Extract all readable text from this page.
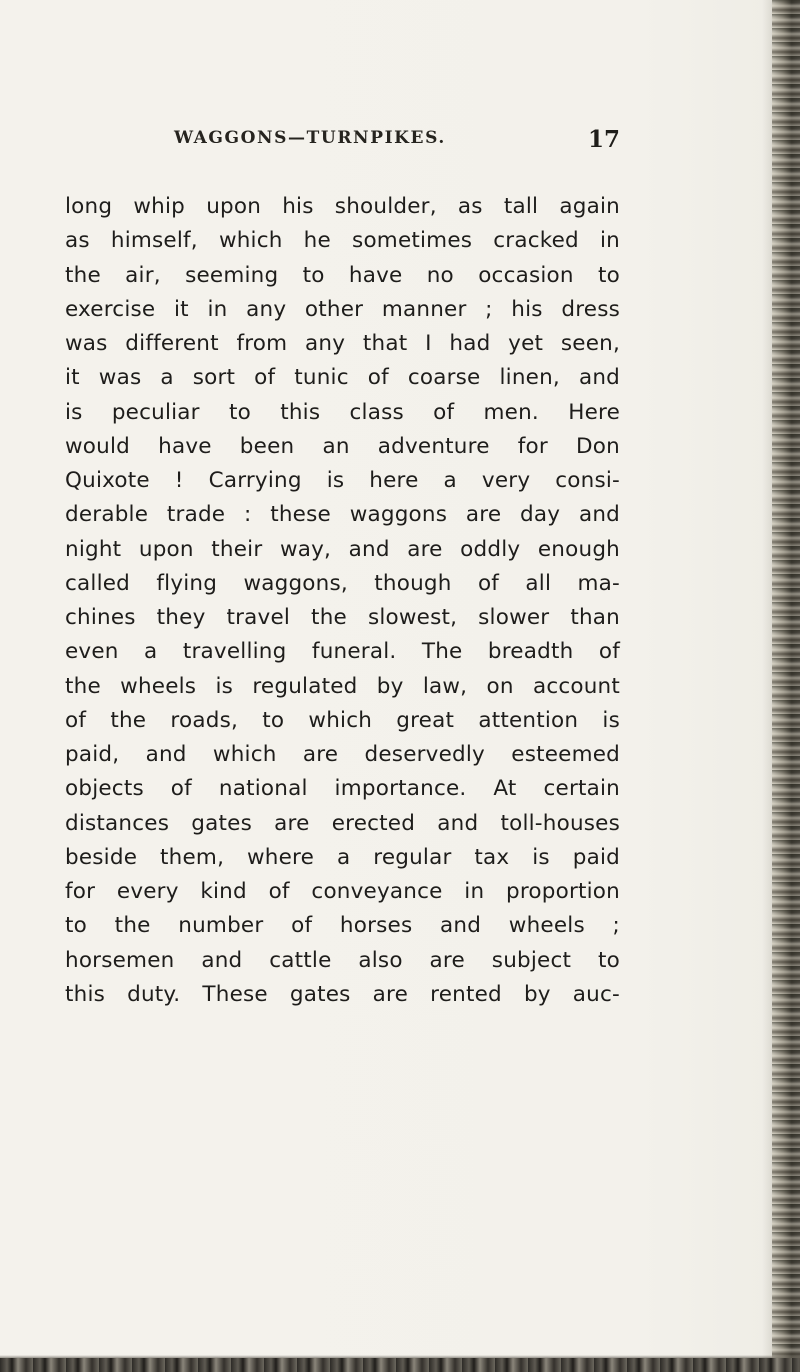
WAGGONS—TURNPIKES.	17
long whip upon his shoulder, as tall again
as himself, which he sometimes cracked in
the air, seeming to have no occasion to
exercise it in any other manner ; his dress
was different from any that I had yet seen,
it was a sort of tunic of coarse linen, and
is peculiar to this class of men. Here
would have been an adventure for Don
Quixote ! Carrying is here a very consi-
derable trade : these waggons are day and
night upon their way, and are oddly enough
called flying waggons, though of all ma-
chines they travel the slowest, slower than
even a travelling funeral. The breadth of
the wheels is regulated by law, on account
of the roads, to which great attention is
paid, and which are deservedly esteemed
objects of national importance. At certain
distances gates are erected and toll-houses
beside them, where a regular tax is paid
for every kind of conveyance in proportion
to the number of horses and wheels ;
horsemen and cattle also are subject to
this duty. These gates are rented by auc-
